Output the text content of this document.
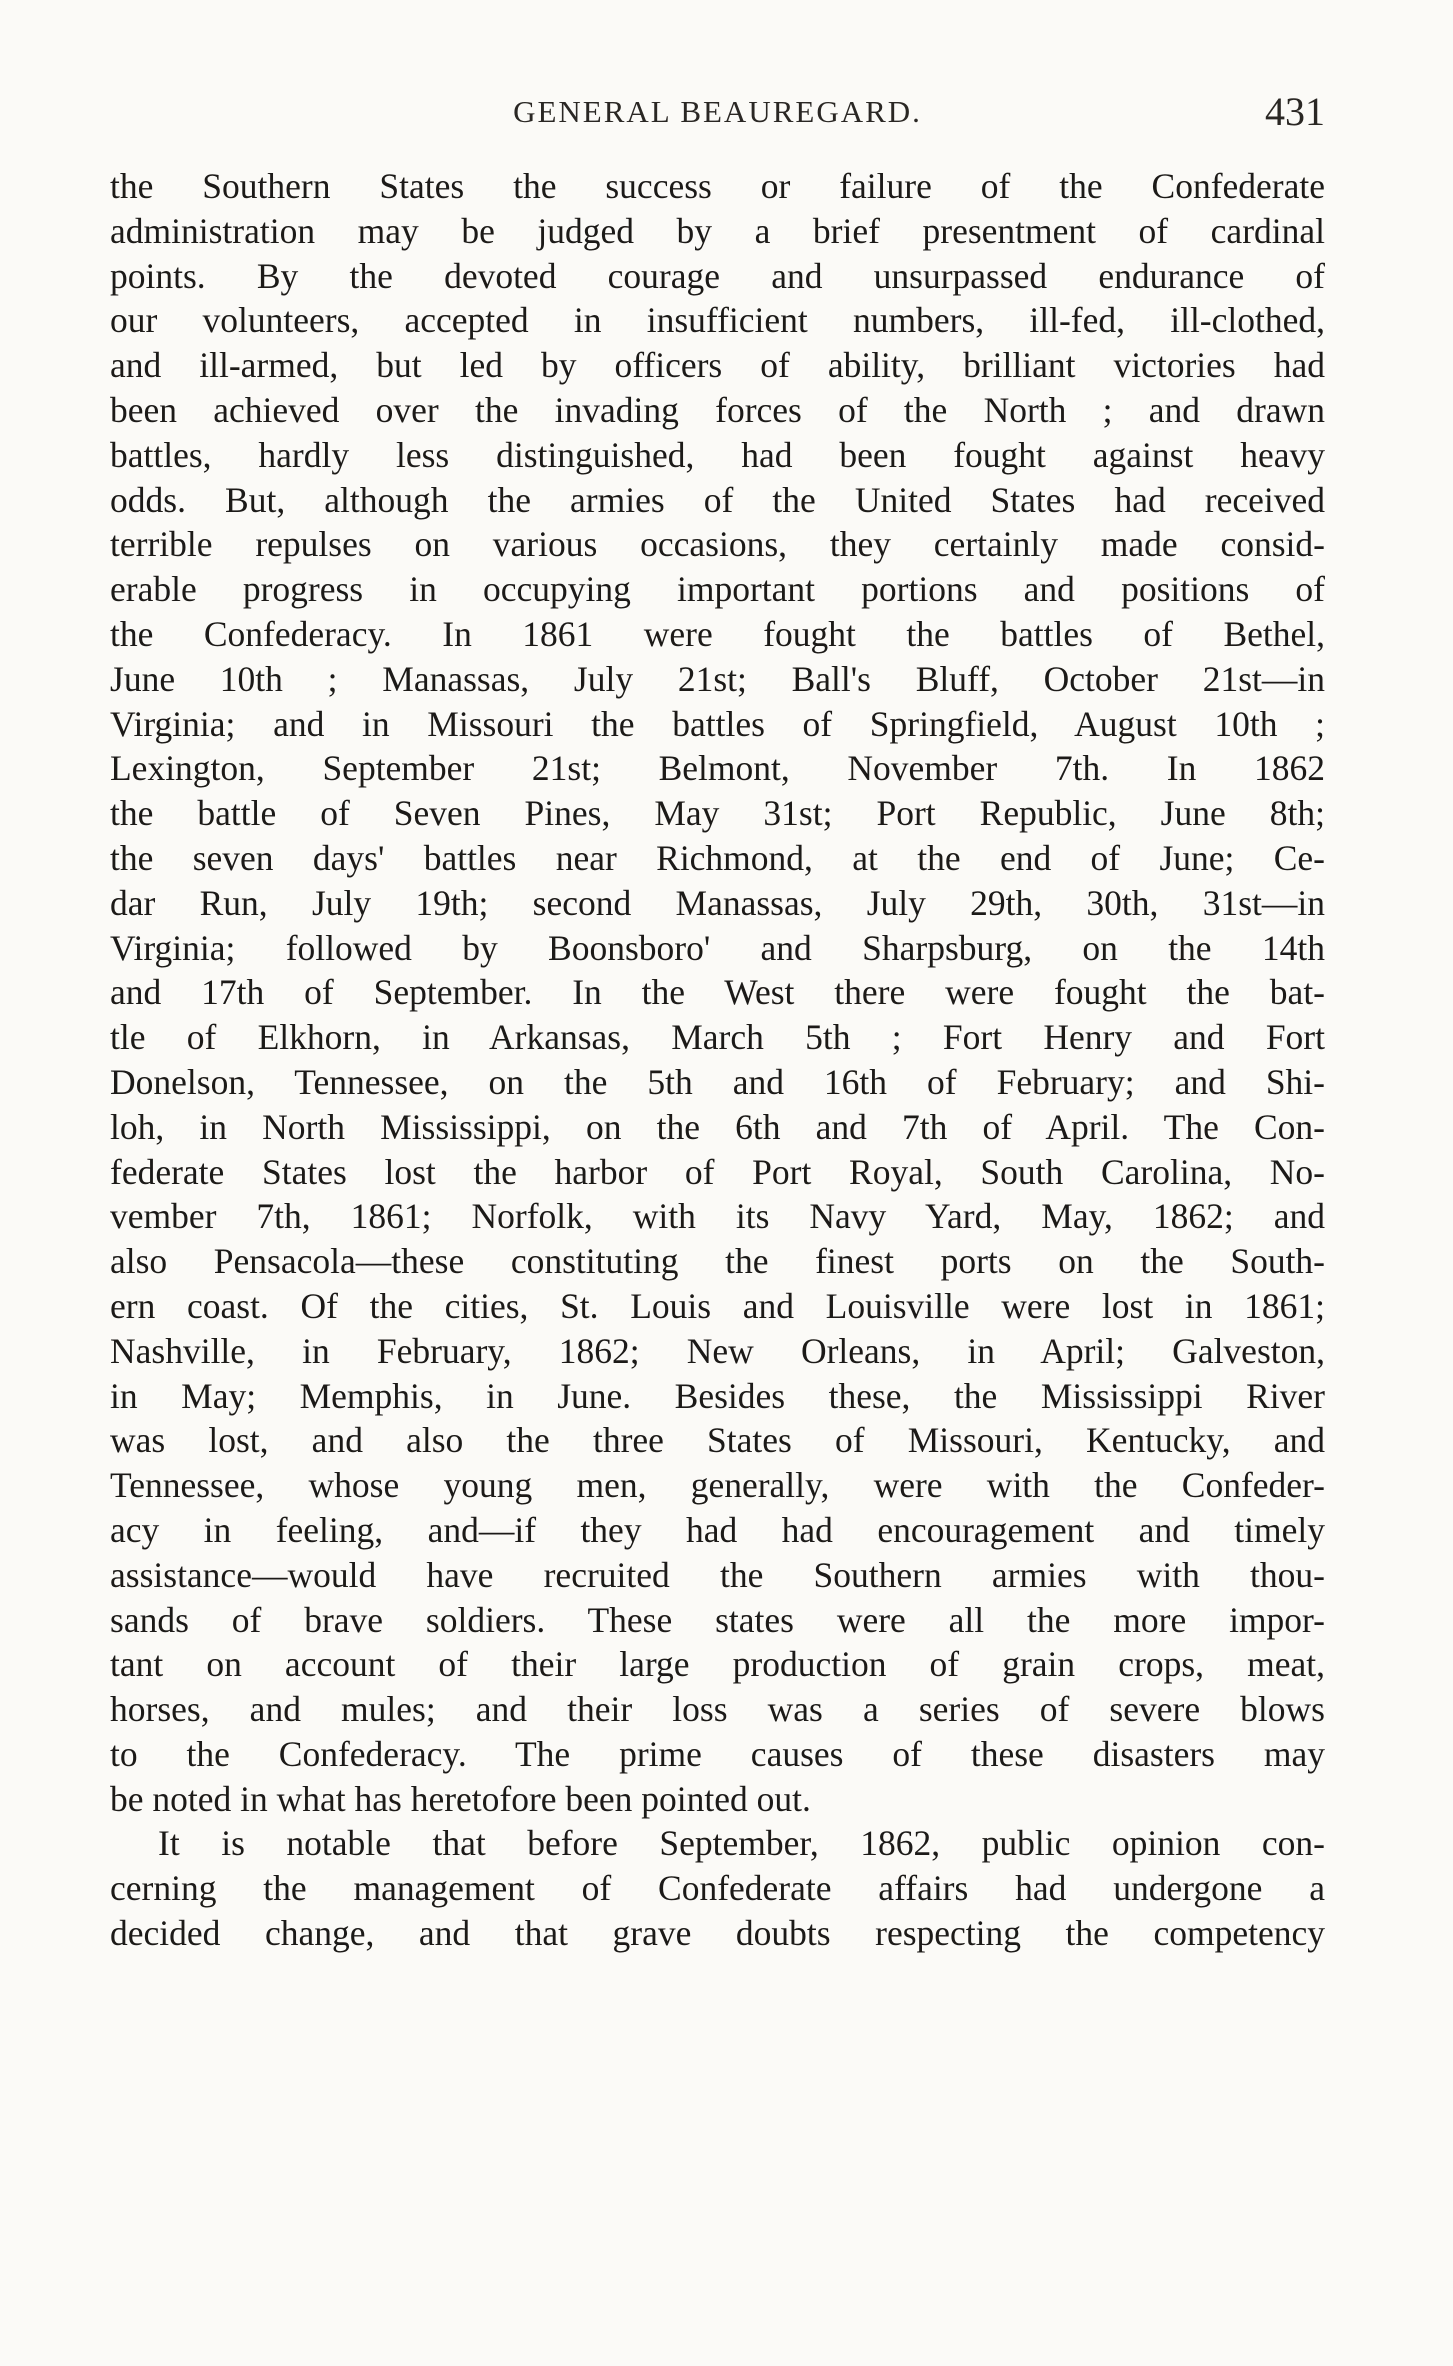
GENERAL BEAUREGARD.	431
the Southern States the success or failure of the Confederate
administration may be judged by a brief presentment of cardinal
points. By the devoted courage and unsurpassed endurance of
our volunteers, accepted in insufficient numbers, ill-fed, ill-clothed,
and ill-armed, but led by officers of ability, brilliant victories had
been achieved over the invading forces of the North ; and drawn
battles, hardly less distinguished, had been fought against heavy
odds. But, although the armies of the United States had received
terrible repulses on various occasions, they certainly made consid-
erable progress in occupying important portions and positions of
the Confederacy. In 1861 were fought the battles of Bethel,
June 10th ; Manassas, July 21st; Ball's Bluff, October 21st—in
Virginia; and in Missouri the battles of Springfield, August 10th ;
Lexington, September 21st; Belmont, November 7th. In 1862
the battle of Seven Pines, May 31st; Port Republic, June 8th;
the seven days' battles near Richmond, at the end of June; Ce-
dar Run, July 19th; second Manassas, July 29th, 30th, 31st—in
Virginia; followed by Boonsboro' and Sharpsburg, on the 14th
and 17th of September. In the West there were fought the bat-
tle of Elkhorn, in Arkansas, March 5th ; Fort Henry and Fort
Donelson, Tennessee, on the 5th and 16th of February; and Shi-
loh, in North Mississippi, on the 6th and 7th of April. The Con-
federate States lost the harbor of Port Royal, South Carolina, No-
vember 7th, 1861; Norfolk, with its Navy Yard, May, 1862; and
also Pensacola—these constituting the finest ports on the South-
ern coast. Of the cities, St. Louis and Louisville were lost in 1861;
Nashville, in February, 1862; New Orleans, in April; Galveston,
in May; Memphis, in June. Besides these, the Mississippi River
was lost, and also the three States of Missouri, Kentucky, and
Tennessee, whose young men, generally, were with the Confeder-
acy in feeling, and—if they had had encouragement and timely
assistance—would have recruited the Southern armies with thou-
sands of brave soldiers. These states were all the more impor-
tant on account of their large production of grain crops, meat,
horses, and mules; and their loss was a series of severe blows
to the Confederacy. The prime causes of these disasters may
be noted in what has heretofore been pointed out.
It is notable that before September, 1862, public opinion con-
cerning the management of Confederate affairs had undergone a
decided change, and that grave doubts respecting the competency
